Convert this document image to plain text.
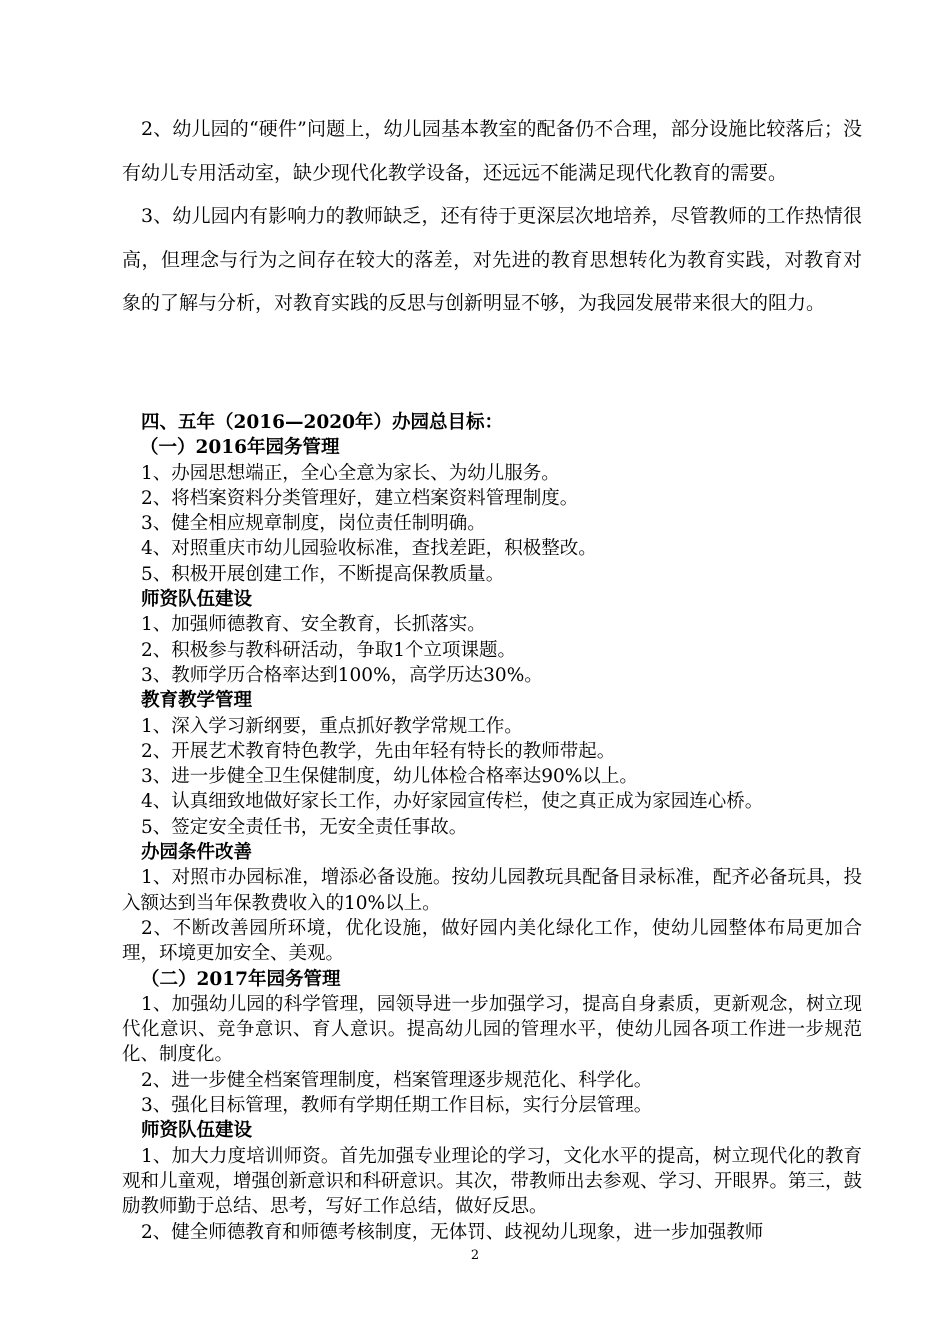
2、幼儿园的“硬件”问题上，幼儿园基本教室的配备仍不合理，部分设施比较落后；没有幼儿专用活动室，缺少现代化教学设备，还远远不能满足现代化教育的需要。

3、幼儿园内有影响力的教师缺乏，还有待于更深层次地培养，尽管教师的工作热情很高，但理念与行为之间存在较大的落差，对先进的教育思想转化为教育实践，对教育对象的了解与分析，对教育实践的反思与创新明显不够，为我园发展带来很大的阻力。

四、五年（2016—2020年）办园总目标：
（一）2016年园务管理
1、办园思想端正，全心全意为家长、为幼儿服务。
2、将档案资料分类管理好，建立档案资料管理制度。
3、健全相应规章制度，岗位责任制明确。
4、对照重庆市幼儿园验收标准，查找差距，积极整改。
5、积极开展创建工作，不断提高保教质量。
师资队伍建设
1、加强师德教育、安全教育，长抓落实。
2、积极参与教科研活动，争取1个立项课题。
3、教师学历合格率达到100%，高学历达30%。
教育教学管理
1、深入学习新纲要，重点抓好教学常规工作。
2、开展艺术教育特色教学，先由年轻有特长的教师带起。
3、进一步健全卫生保健制度，幼儿体检合格率达90%以上。
4、认真细致地做好家长工作，办好家园宣传栏，使之真正成为家园连心桥。
5、签定安全责任书，无安全责任事故。
办园条件改善
1、对照市办园标准，增添必备设施。按幼儿园教玩具配备目录标准，配齐必备玩具，投入额达到当年保教费收入的10%以上。
2、不断改善园所环境，优化设施，做好园内美化绿化工作，使幼儿园整体布局更加合理，环境更加安全、美观。
（二）2017年园务管理
1、加强幼儿园的科学管理，园领导进一步加强学习，提高自身素质，更新观念，树立现代化意识、竞争意识、育人意识。提高幼儿园的管理水平，使幼儿园各项工作进一步规范化、制度化。
2、进一步健全档案管理制度，档案管理逐步规范化、科学化。
3、强化目标管理，教师有学期任期工作目标，实行分层管理。
师资队伍建设
1、加大力度培训师资。首先加强专业理论的学习，文化水平的提高，树立现代化的教育观和儿童观，增强创新意识和科研意识。其次，带教师出去参观、学习、开眼界。第三，鼓励教师勤于总结、思考，写好工作总结，做好反思。
2、健全师德教育和师德考核制度，无体罚、歧视幼儿现象，进一步加强教师
2
